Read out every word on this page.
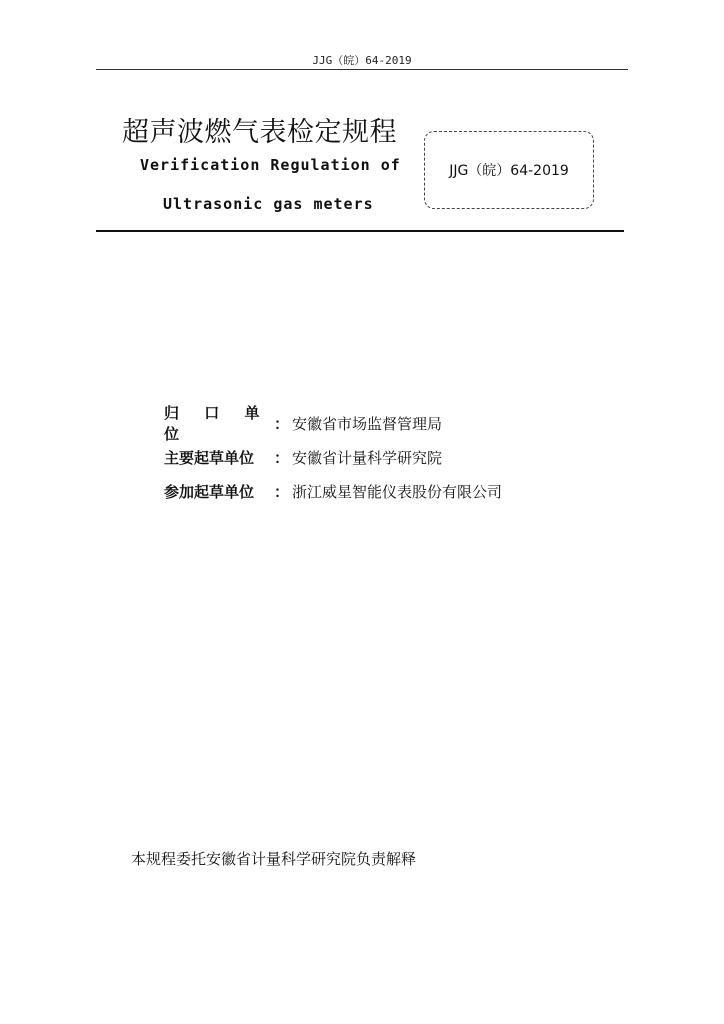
JJG（皖）64-2019
超声波燃气表检定规程
Verification Regulation of
Ultrasonic gas meters
JJG（皖）64-2019
归 口 单 位
： 安徽省市场监督管理局
主要起草单位	： 安徽省计量科学研究院
参加起草单位	： 浙江威星智能仪表股份有限公司
本规程委托安徽省计量科学研究院负责解释
